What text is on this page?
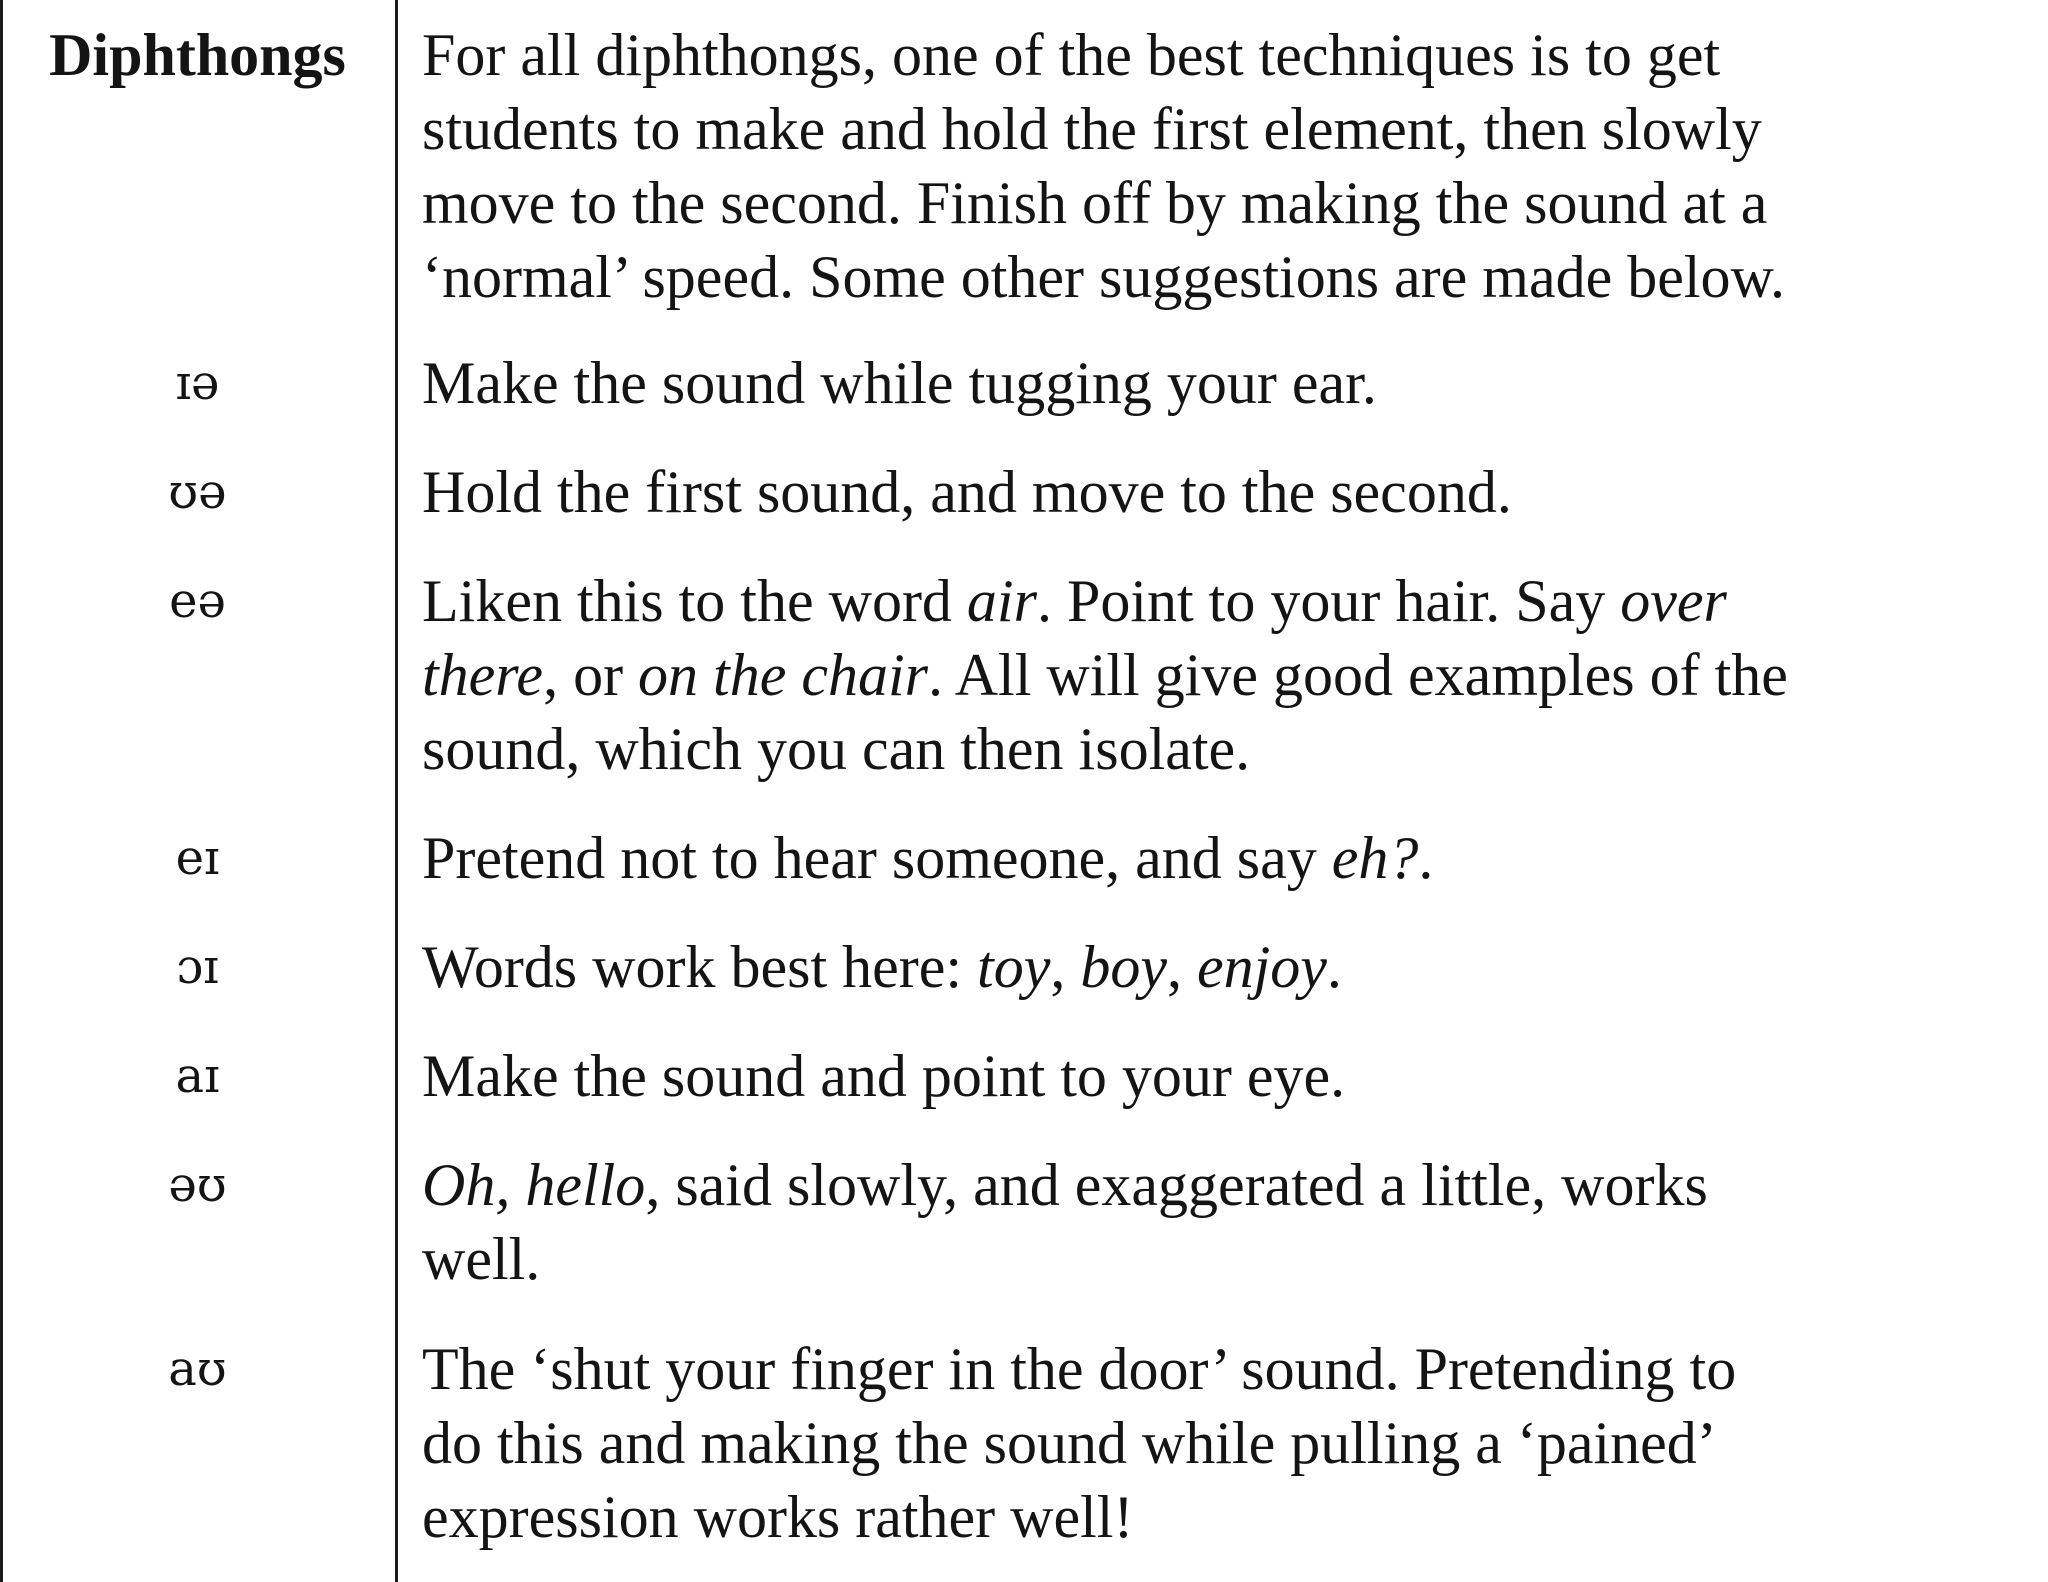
Diphthongs	For all diphthongs, one of the best techniques is to get
students to make and hold the first element, then slowly
move to the second. Finish off by making the sound at a
‘normal’ speed. Some other suggestions are made below.
ɪə	Make the sound while tugging your ear.
ʊə	Hold the first sound, and move to the second.
eə	Liken this to the word air. Point to your hair. Say over
there, or on the chair. All will give good examples of the
sound, which you can then isolate.
eɪ	Pretend not to hear someone, and say eh?.
ɔɪ	Words work best here: toy, boy, enjoy.
aɪ	Make the sound and point to your eye.
əʊ	Oh, hello, said slowly, and exaggerated a little, works
well.
aʊ	The ‘shut your finger in the door’ sound. Pretending to
do this and making the sound while pulling a ‘pained’
expression works rather well!
